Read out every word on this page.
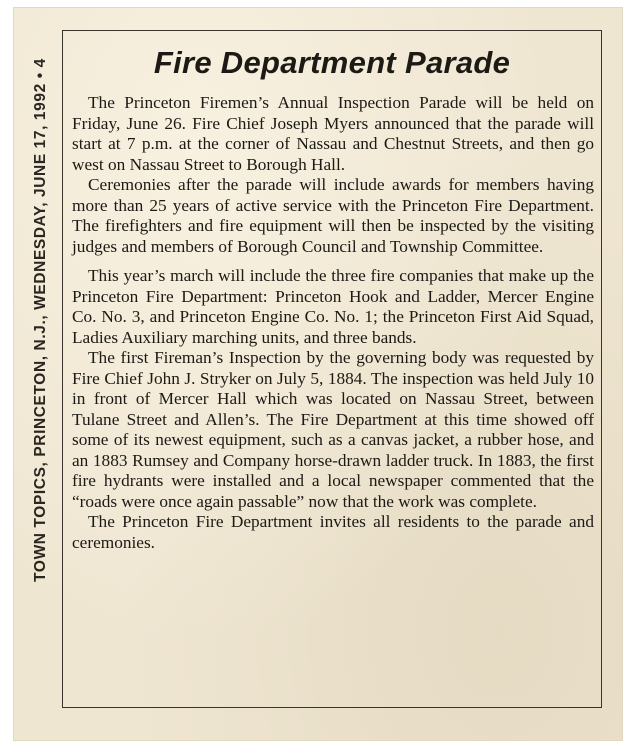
TOWN TOPICS, PRINCETON, N.J., WEDNESDAY, JUNE 17, 1992 • 4	Fire Department Parade

The Princeton Firemen’s Annual Inspection Parade will be held on Friday, June 26. Fire Chief Joseph Myers announced that the parade will start at 7 p.m. at the corner of Nassau and Chestnut Streets, and then go west on Nassau Street to Borough Hall.

Ceremonies after the parade will include awards for members having more than 25 years of active service with the Princeton Fire Department. The firefighters and fire equipment will then be inspected by the visiting judges and members of Borough Council and Township Committee.

This year’s march will include the three fire companies that make up the Princeton Fire Department: Princeton Hook and Ladder, Mercer Engine Co. No. 3, and Princeton Engine Co. No. 1; the Princeton First Aid Squad, Ladies Auxiliary marching units, and three bands.

The first Fireman’s Inspection by the governing body was requested by Fire Chief John J. Stryker on July 5, 1884. The inspection was held July 10 in front of Mercer Hall which was located on Nassau Street, between Tulane Street and Allen’s. The Fire Department at this time showed off some of its newest equipment, such as a canvas jacket, a rubber hose, and an 1883 Rumsey and Company horse-drawn ladder truck. In 1883, the first fire hydrants were installed and a local newspaper commented that the “roads were once again passable” now that the work was complete.

The Princeton Fire Department invites all residents to the parade and ceremonies.
